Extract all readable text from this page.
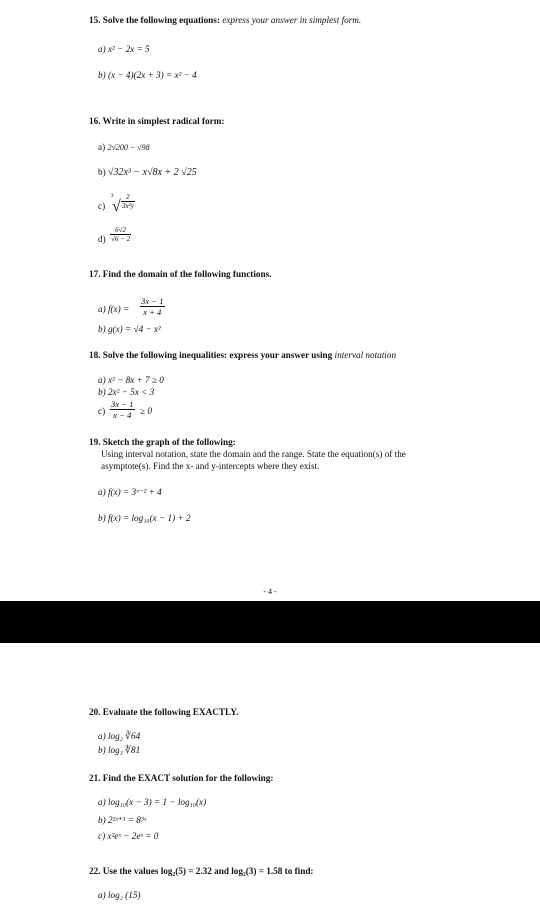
15. Solve the following equations: express your answer in simplest form.
a) x² − 2x = 5
b) (x − 4)(2x + 3) = x² − 4
16. Write in simplest radical form:
a) 2√200 − √98
b) √32x³ − x√8x + 2 √25
c)
³
√ $\frac{2}{\text{3x²y}}$
$d) \frac{6√2}{√6 - 2}$
17. Find the domain of the following functions.
a) $f(x) = \frac{3x - 1}{x + 4}$
b) g(x) = √4 − x²
18. Solve the following inequalities: express your answer using interval notation
a) x² − 8x + 7 ≥ 0
b) 2x² − 5x < 3
$c) \frac{3x - 1}{x - 4} \ge 0$
19. Sketch the graph of the following:
Using interval notation, state the domain and the range. State the equation(s) of the
asymptote(s). Find the x- and y-intercepts where they exist.
a) f(x) = 3ˣ⁻² + 4
b) f(x) = log₁₀(x − 1) + 2
- 4 -
20. Evaluate the following EXACTLY.
a) log₂ ∛64
b) log₃ ∜81
21. Find the EXACT solution for the following:
a) log₁₀(x − 3) = 1 − log₁₀(x)
b) 2²ˣ⁺¹ = 8³ˣ
c) x²eˣ − 2eˣ = 0
22. Use the values log₂(5) = 2.32 and log₂(3) = 1.58 to find:
a) log₂ (15)
